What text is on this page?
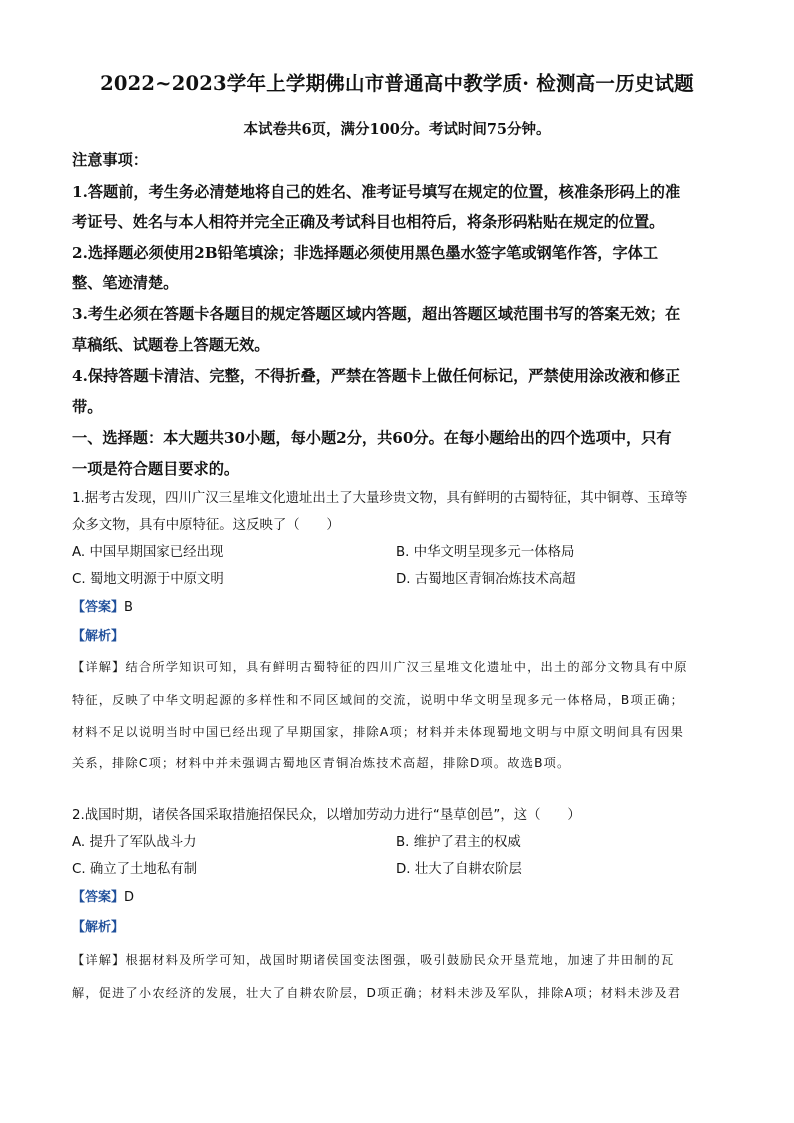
2022~2023学年上学期佛山市普通高中教学质· 检测高一历史试题
本试卷共6页，满分100分。考试时间75分钟。
注意事项：
1.答题前，考生务必清楚地将自己的姓名、准考证号填写在规定的位置，核准条形码上的准
考证号、姓名与本人相符并完全正确及考试科目也相符后，将条形码粘贴在规定的位置。
2.选择题必须使用2B铅笔填涂；非选择题必须使用黑色墨水签字笔或钢笔作答，字体工
整、笔迹清楚。
3.考生必须在答题卡各题目的规定答题区域内答题，超出答题区域范围书写的答案无效；在
草稿纸、试题卷上答题无效。
4.保持答题卡清洁、完整，不得折叠，严禁在答题卡上做任何标记，严禁使用涂改液和修正
带。
一、选择题：本大题共30小题，每小题2分，共60分。在每小题给出的四个选项中，只有
一项是符合题目要求的。
1.据考古发现，四川广汉三星堆文化遗址出土了大量珍贵文物，具有鲜明的古蜀特征，其中铜尊、玉璋等
众多文物，具有中原特征。这反映了（　　）
A. 中国早期国家已经出现	B. 中华文明呈现多元一体格局
C. 蜀地文明源于中原文明	D. 古蜀地区青铜冶炼技术高超
【答案】B
【解析】
【详解】结合所学知识可知，具有鲜明古蜀特征的四川广汉三星堆文化遗址中，出土的部分文物具有中原
特征，反映了中华文明起源的多样性和不同区域间的交流，说明中华文明呈现多元一体格局，B项正确；
材料不足以说明当时中国已经出现了早期国家，排除A项；材料并未体现蜀地文明与中原文明间具有因果
关系，排除C项；材料中并未强调古蜀地区青铜冶炼技术高超，排除D项。故选B项。
2.战国时期，诸侯各国采取措施招保民众，以增加劳动力进行“垦草创邑”，这（　　）
A. 提升了军队战斗力	B. 维护了君主的权威
C. 确立了土地私有制	D. 壮大了自耕农阶层
【答案】D
【解析】
【详解】根据材料及所学可知，战国时期诸侯国变法图强，吸引鼓励民众开垦荒地，加速了井田制的瓦
解，促进了小农经济的发展，壮大了自耕农阶层，D项正确；材料未涉及军队，排除A项；材料未涉及君
